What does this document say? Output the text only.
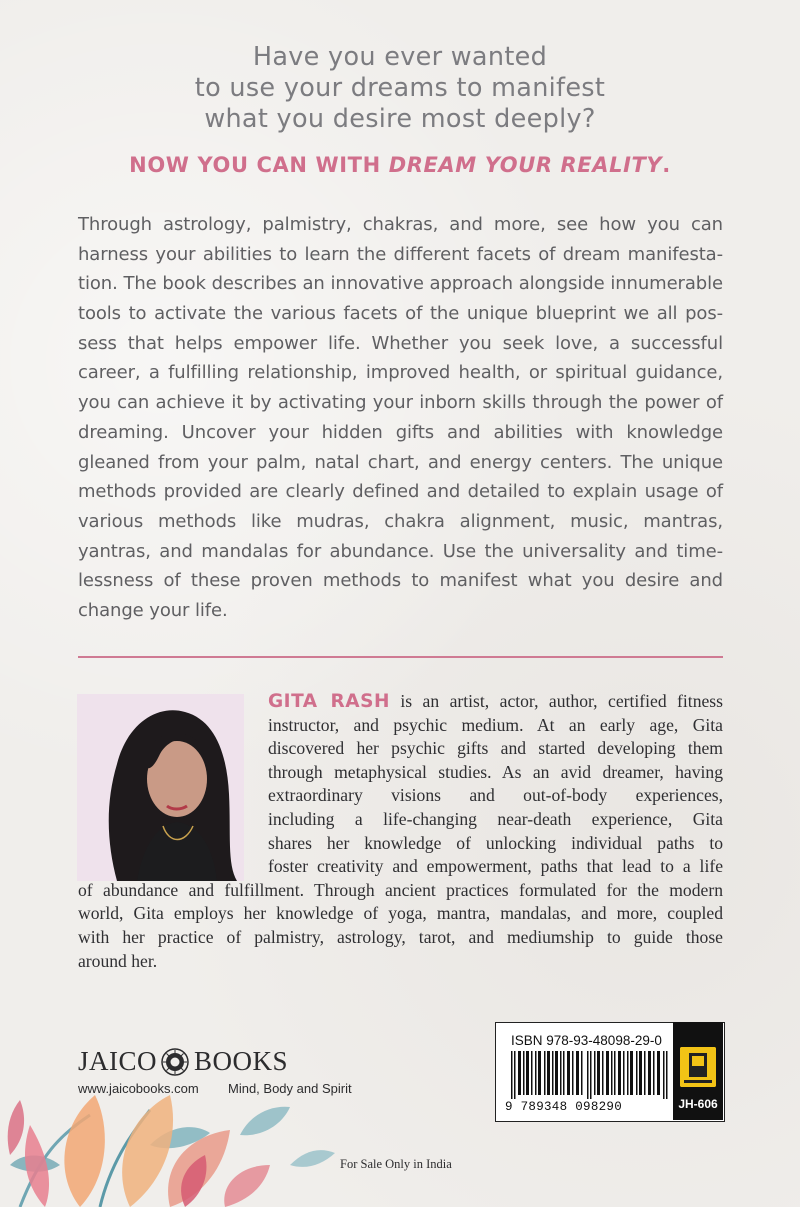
Have you ever wanted
to use your dreams to manifest
what you desire most deeply?
NOW YOU CAN WITH DREAM YOUR REALITY.
Through astrology, palmistry, chakras, and more, see how you can
harness your abilities to learn the different facets of dream manifesta-
tion. The book describes an innovative approach alongside innumerable
tools to activate the various facets of the unique blueprint we all pos-
sess that helps empower life. Whether you seek love, a successful
career, a fulfilling relationship, improved health, or spiritual guidance,
you can achieve it by activating your inborn skills through the power of
dreaming. Uncover your hidden gifts and abilities with knowledge
gleaned from your palm, natal chart, and energy centers. The unique
methods provided are clearly defined and detailed to explain usage of
various methods like mudras, chakra alignment, music, mantras,
yantras, and mandalas for abundance. Use the universality and time-
lessness of these proven methods to manifest what you desire and
change your life.
GITA RASH is an artist, actor, author, certified fitness
instructor, and psychic medium. At an early age, Gita
discovered her psychic gifts and started developing them
through metaphysical studies. As an avid dreamer, having
extraordinary visions and out-of-body experiences,
including a life-changing near-death experience, Gita
shares her knowledge of unlocking individual paths to
foster creativity and empowerment, paths that lead to a life
of abundance and fulfillment. Through ancient practices formulated for the modern
world, Gita employs her knowledge of yoga, mantra, mandalas, and more, coupled
with her practice of palmistry, astrology, tarot, and mediumship to guide those
around her.
JAICO BOOKS
www.jaicobooks.com Mind, Body and Spirit
For Sale Only in India
ISBN 978-93-48098-29-0
9 789348 098290	JH-606
